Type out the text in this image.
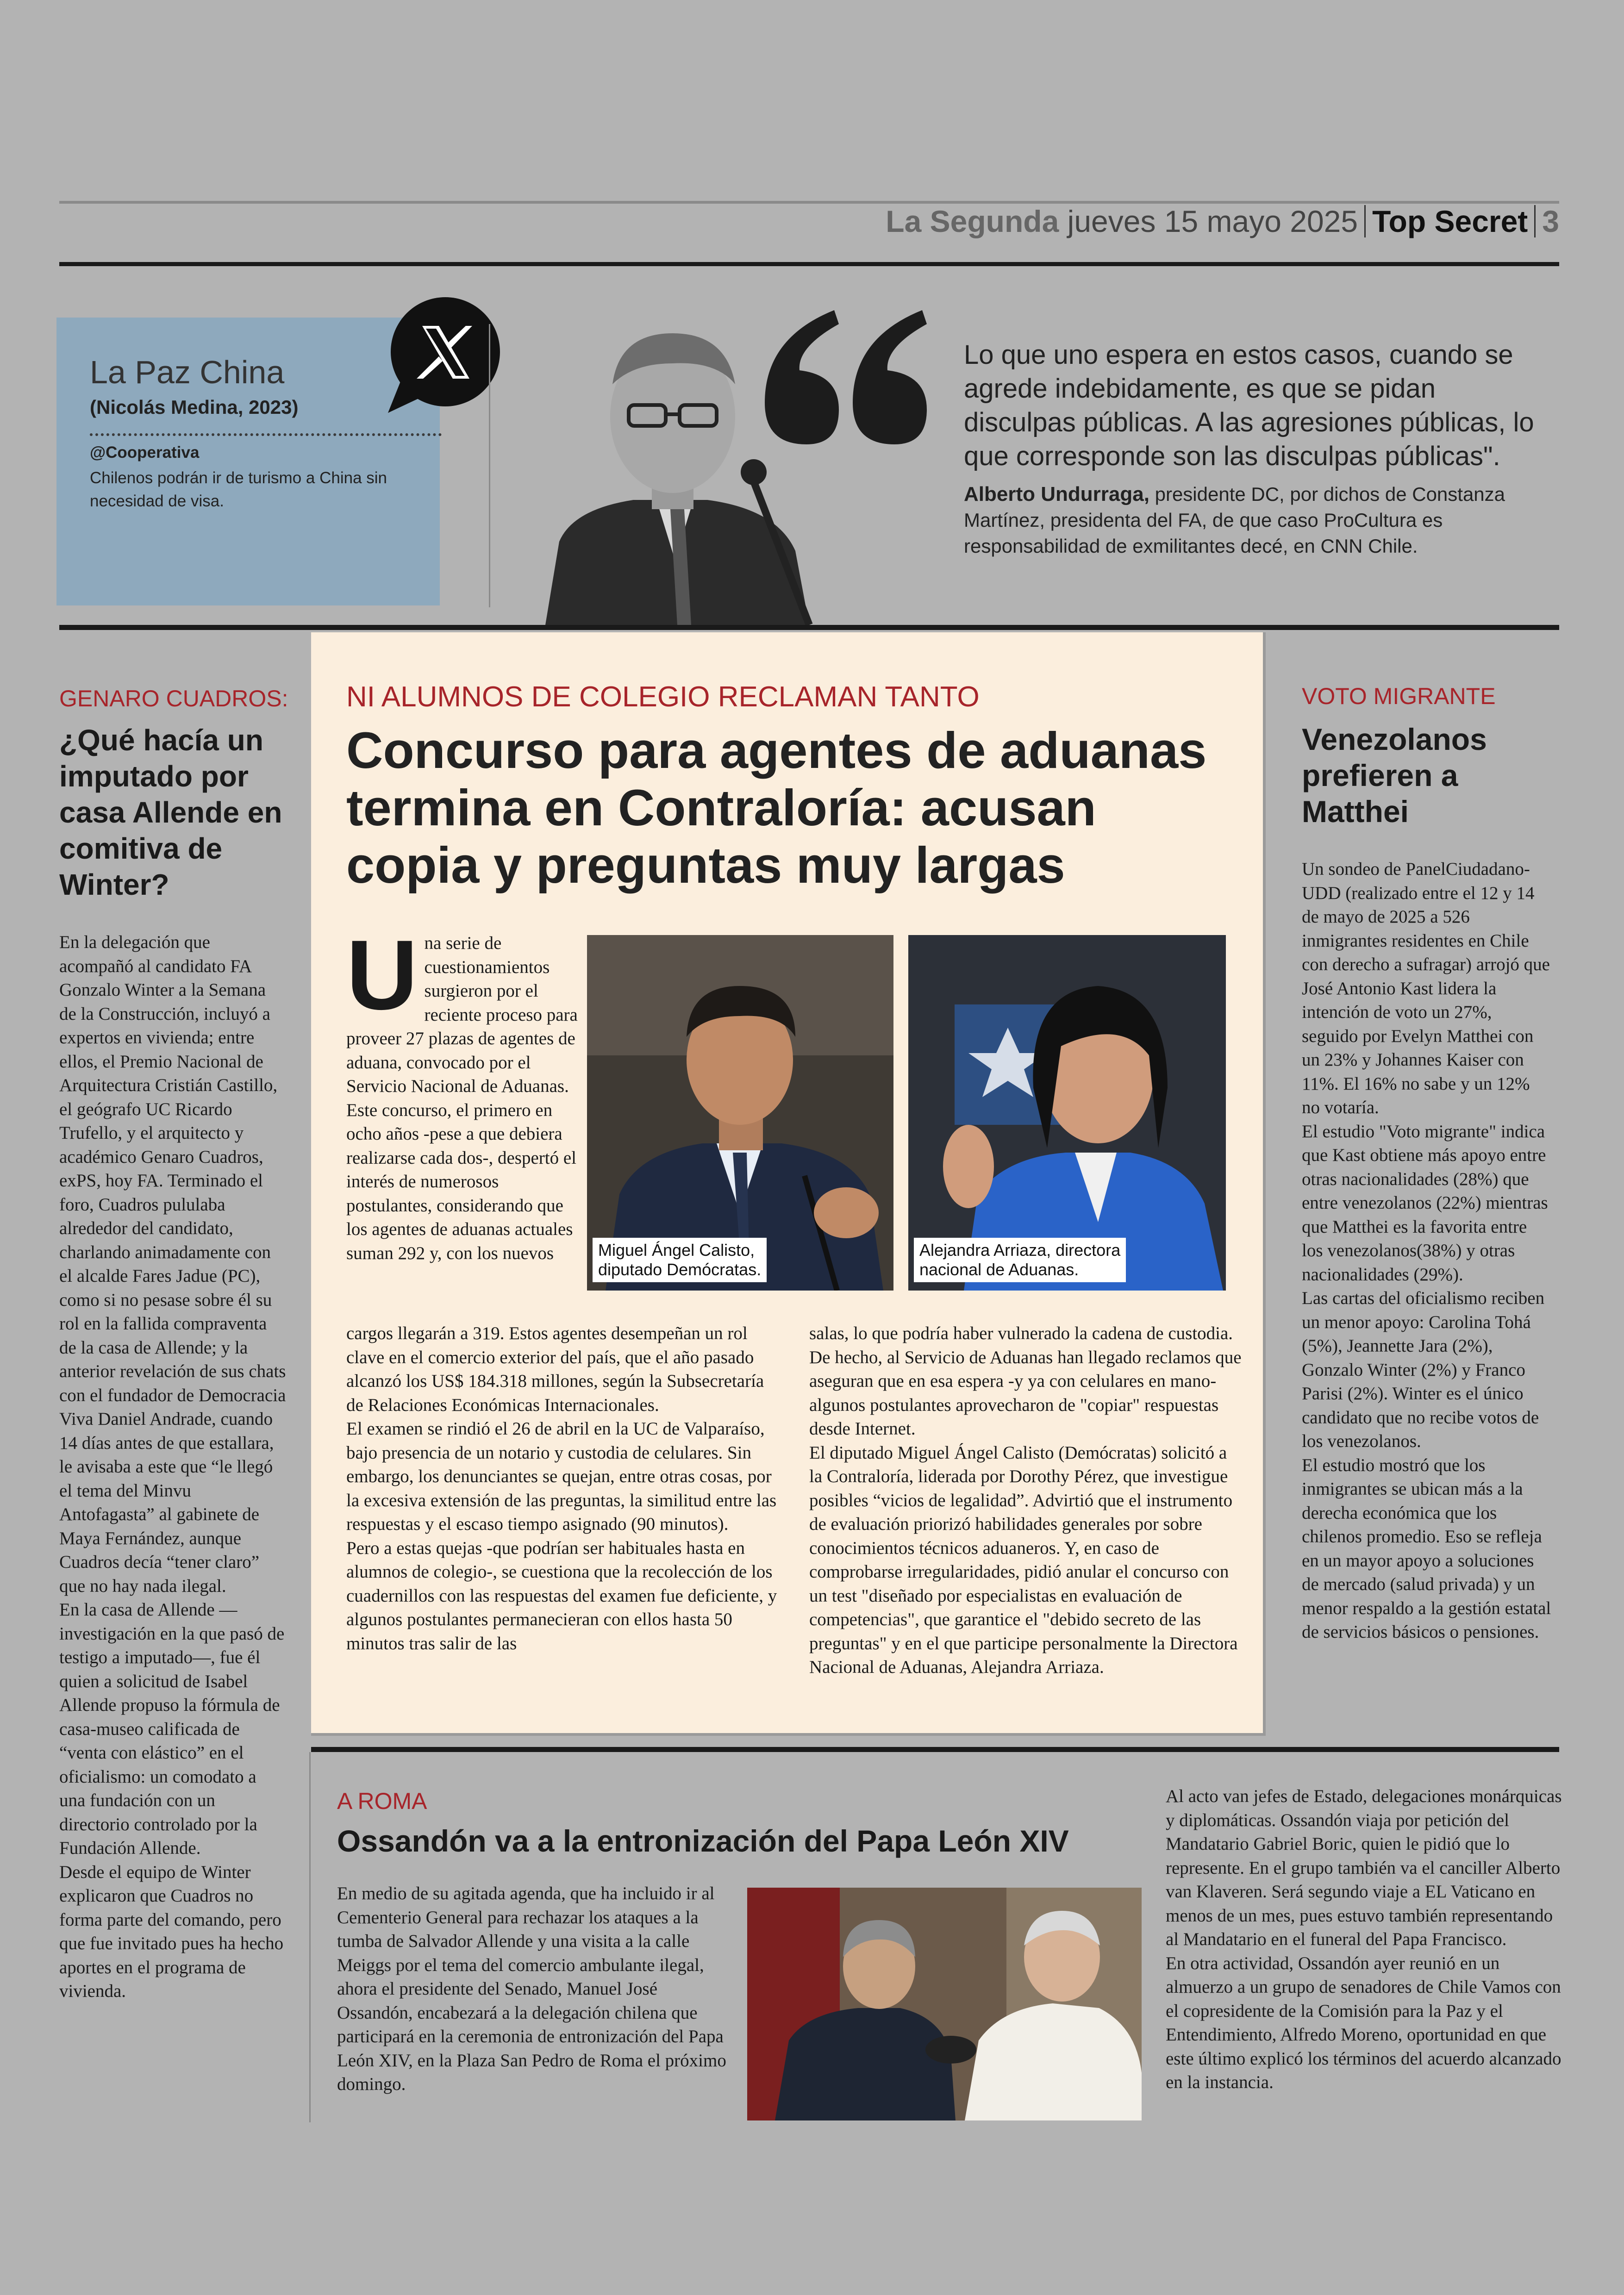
La Segunda jueves 15 mayo 2025 Top Secret 3
La Paz China
(Nicolás Medina, 2023)
@Cooperativa
Chilenos podrán ir de turismo a China sin necesidad de visa.
Lo que uno espera en estos casos, cuando se agrede indebidamente, es que se pidan disculpas públicas. A las agresiones públicas, lo que corresponde son las disculpas públicas".
Alberto Undurraga, presidente DC, por dichos de Constanza Martínez, presidenta del FA, de que caso ProCultura es responsabilidad de exmilitantes decé, en CNN Chile.
GENARO CUADROS:
¿Qué hacía un imputado por casa Allende en comitiva de Winter?

En la delegación que acompañó al candidato FA Gonzalo Winter a la Semana de la Construcción, incluyó a expertos en vivienda; entre ellos, el Premio Nacional de Arquitectura Cristián Castillo, el geógrafo UC Ricardo Trufello, y el arquitecto y académico Genaro Cuadros, exPS, hoy FA. Terminado el foro, Cuadros pululaba alrededor del candidato, charlando animadamente con el alcalde Fares Jadue (PC), como si no pesase sobre él su rol en la fallida compraventa de la casa de Allende; y la anterior revelación de sus chats con el fundador de Democracia Viva Daniel Andrade, cuando 14 días antes de que estallara, le avisaba a este que “le llegó el tema del Minvu Antofagasta” al gabinete de Maya Fernández, aunque Cuadros decía “tener claro” que no hay nada ilegal.

En la casa de Allende —investigación en la que pasó de testigo a imputado—, fue él quien a solicitud de Isabel Allende propuso la fórmula de casa-museo calificada de “venta con elástico” en el oficialismo: un comodato a una fundación con un directorio controlado por la Fundación Allende.

Desde el equipo de Winter explicaron que Cuadros no forma parte del comando, pero que fue invitado pues ha hecho aportes en el programa de vivienda.

NI ALUMNOS DE COLEGIO RECLAMAN TANTO
Concurso para agentes de aduanas termina en Contraloría: acusan copia y preguntas muy largas
Una serie de cuestionamientos surgieron por el reciente proceso para proveer 27 plazas de agentes de aduana, convocado por el Servicio Nacional de Aduanas. Este concurso, el primero en ocho años -pese a que debiera realizarse cada dos-, despertó el interés de numerosos postulantes, considerando que los agentes de aduanas actuales suman 292 y, con los nuevos

cargos llegarán a 319. Estos agentes desempeñan un rol clave en el comercio exterior del país, que el año pasado alcanzó los US$ 184.318 millones, según la Subsecretaría de Relaciones Económicas Internacionales.

El examen se rindió el 26 de abril en la UC de Valparaíso, bajo presencia de un notario y custodia de celulares. Sin embargo, los denunciantes se quejan, entre otras cosas, por la excesiva extensión de las preguntas, la similitud entre las respuestas y el escaso tiempo asignado (90 minutos).

Pero a estas quejas -que podrían ser habituales hasta en alumnos de colegio-, se cuestiona que la recolección de los cuadernillos con las respuestas del examen fue deficiente, y algunos postulantes permanecieran con ellos hasta 50 minutos tras salir de las

salas, lo que podría haber vulnerado la cadena de custodia. De hecho, al Servicio de Aduanas han llegado reclamos que aseguran que en esa espera -y ya con celulares en mano- algunos postulantes aprovecharon de "copiar" respuestas desde Internet.

El diputado Miguel Ángel Calisto (Demócratas) solicitó a la Contraloría, liderada por Dorothy Pérez, que investigue posibles “vicios de legalidad”. Advirtió que el instrumento de evaluación priorizó habilidades generales por sobre conocimientos técnicos aduaneros. Y, en caso de comprobarse irregularidades, pidió anular el concurso con un test "diseñado por especialistas en evaluación de competencias", que garantice el "debido secreto de las preguntas" y en el que participe personalmente la Directora Nacional de Aduanas, Alejandra Arriaza.

Miguel Ángel Calisto,
diputado Demócratas.
Alejandra Arriaza, directora
nacional de Aduanas.
VOTO MIGRANTE
Venezolanos prefieren a Matthei

Un sondeo de PanelCiudadano-UDD (realizado entre el 12 y 14 de mayo de 2025 a 526 inmigrantes residentes en Chile con derecho a sufragar) arrojó que José Antonio Kast lidera la intención de voto un 27%, seguido por Evelyn Matthei con un 23% y Johannes Kaiser con 11%. El 16% no sabe y un 12% no votaría.

El estudio "Voto migrante" indica que Kast obtiene más apoyo entre otras nacionalidades (28%) que entre venezolanos (22%) mientras que Matthei es la favorita entre los venezolanos(38%) y otras nacionalidades (29%).

Las cartas del oficialismo reciben un menor apoyo: Carolina Tohá (5%), Jeannette Jara (2%), Gonzalo Winter (2%) y Franco Parisi (2%). Winter es el único candidato que no recibe votos de los venezolanos.

El estudio mostró que los inmigrantes se ubican más a la derecha económica que los chilenos promedio. Eso se refleja en un mayor apoyo a soluciones de mercado (salud privada) y un menor respaldo a la gestión estatal de servicios básicos o pensiones.

A ROMA
Ossandón va a la entronización del Papa León XIV

En medio de su agitada agenda, que ha incluido ir al Cementerio General para rechazar los ataques a la tumba de Salvador Allende y una visita a la calle Meiggs por el tema del comercio ambulante ilegal, ahora el presidente del Senado, Manuel José Ossandón, encabezará a la delegación chilena que participará en la ceremonia de entronización del Papa León XIV, en la Plaza San Pedro de Roma el próximo domingo.

Al acto van jefes de Estado, delegaciones monárquicas y diplomáticas. Ossandón viaja por petición del Mandatario Gabriel Boric, quien le pidió que lo represente. En el grupo también va el canciller Alberto van Klaveren. Será segundo viaje a EL Vaticano en menos de un mes, pues estuvo también representando al Mandatario en el funeral del Papa Francisco.

En otra actividad, Ossandón ayer reunió en un almuerzo a un grupo de senadores de Chile Vamos con el copresidente de la Comisión para la Paz y el Entendimiento, Alfredo Moreno, oportunidad en que este último explicó los términos del acuerdo alcanzado en la instancia.
